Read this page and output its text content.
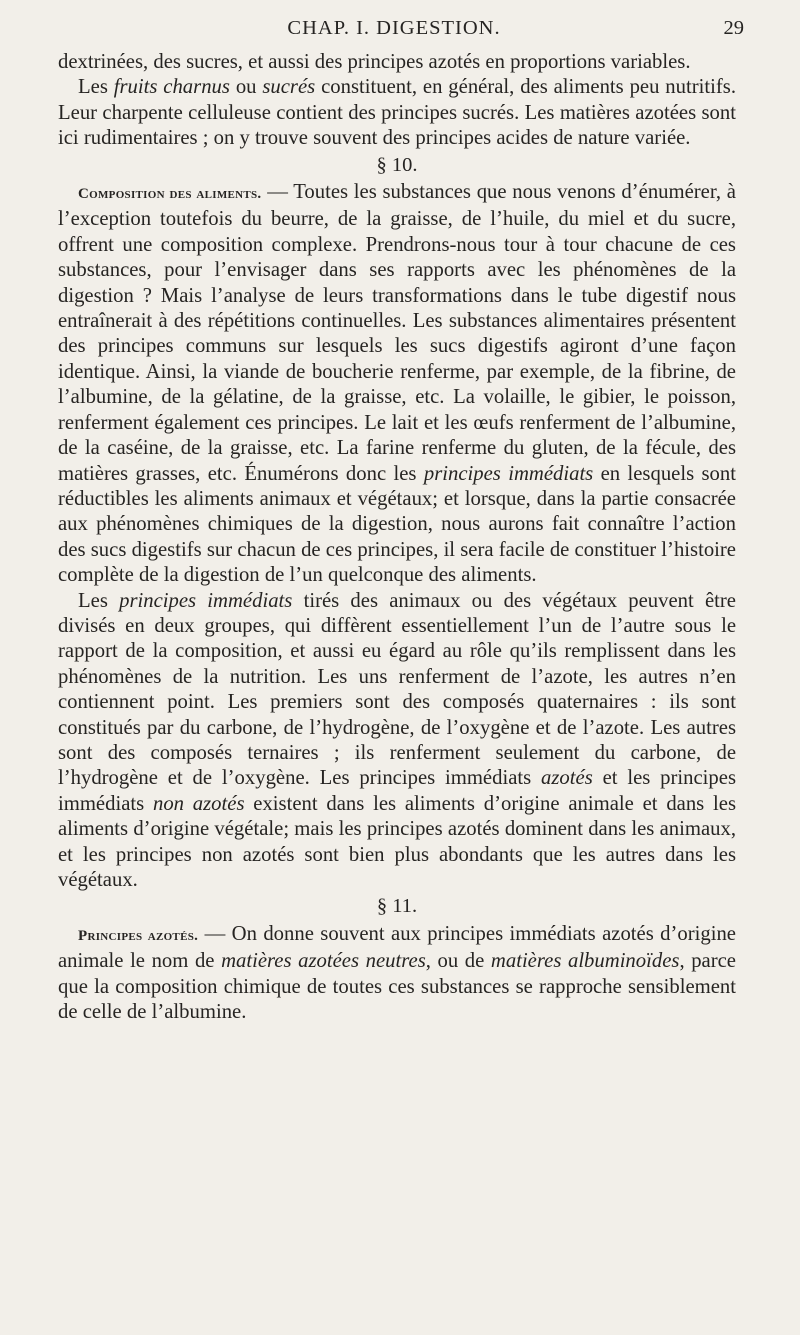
CHAP. I. DIGESTION.	29

dextrinées, des sucres, et aussi des principes azotés en proportions variables.

Les fruits charnus ou sucrés constituent, en général, des aliments peu nutritifs. Leur charpente celluleuse contient des principes sucrés. Les matières azotées sont ici rudimentaires ; on y trouve souvent des principes acides de nature variée.

§ 10.

Composition des aliments. — Toutes les substances que nous venons d’énumérer, à l’exception toutefois du beurre, de la graisse, de l’huile, du miel et du sucre, offrent une composition complexe. Prendrons-nous tour à tour chacune de ces substances, pour l’envisager dans ses rapports avec les phénomènes de la digestion ? Mais l’analyse de leurs transformations dans le tube digestif nous entraînerait à des répétitions continuelles. Les substances alimentaires présentent des principes communs sur lesquels les sucs digestifs agiront d’une façon identique. Ainsi, la viande de boucherie renferme, par exemple, de la fibrine, de l’albumine, de la gélatine, de la graisse, etc. La volaille, le gibier, le poisson, renferment également ces principes. Le lait et les œufs renferment de l’albumine, de la caséine, de la graisse, etc. La farine renferme du gluten, de la fécule, des matières grasses, etc. Énumérons donc les principes immédiats en lesquels sont réductibles les aliments animaux et végétaux; et lorsque, dans la partie consacrée aux phénomènes chimiques de la digestion, nous aurons fait connaître l’action des sucs digestifs sur chacun de ces principes, il sera facile de constituer l’histoire complète de la digestion de l’un quelconque des aliments.

Les principes immédiats tirés des animaux ou des végétaux peuvent être divisés en deux groupes, qui diffèrent essentiellement l’un de l’autre sous le rapport de la composition, et aussi eu égard au rôle qu’ils remplissent dans les phénomènes de la nutrition. Les uns renferment de l’azote, les autres n’en contiennent point. Les premiers sont des composés quaternaires : ils sont constitués par du carbone, de l’hydrogène, de l’oxygène et de l’azote. Les autres sont des composés ternaires ; ils renferment seulement du carbone, de l’hydrogène et de l’oxygène. Les principes immédiats azotés et les principes immédiats non azotés existent dans les aliments d’origine animale et dans les aliments d’origine végétale; mais les principes azotés dominent dans les animaux, et les principes non azotés sont bien plus abondants que les autres dans les végétaux.

§ 11.

Principes azotés. — On donne souvent aux principes immédiats azotés d’origine animale le nom de matières azotées neutres, ou de matières albuminoïdes, parce que la composition chimique de toutes ces substances se rapproche sensiblement de celle de l’albumine.
